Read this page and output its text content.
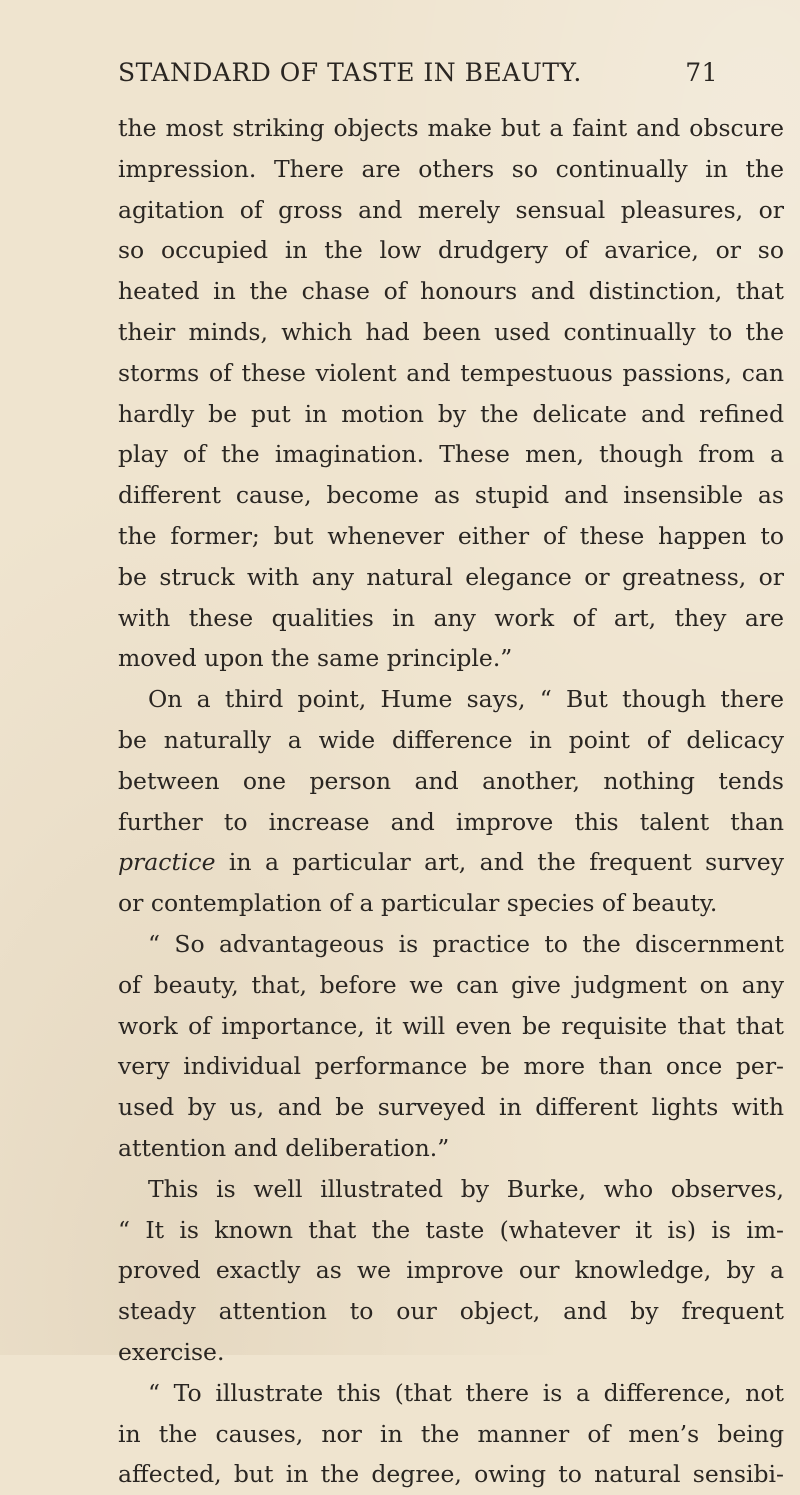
STANDARD OF TASTE IN BEAUTY.	71
the most striking objects make but a faint and obscure
impression. There are others so continually in the
agitation of gross and merely sensual pleasures, or
so occupied in the low drudgery of avarice, or so
heated in the chase of honours and distinction, that
their minds, which had been used continually to the
storms of these violent and tempestuous passions, can
hardly be put in motion by the delicate and refined
play of the imagination. These men, though from a
different cause, become as stupid and insensible as
the former; but whenever either of these happen to
be struck with any natural elegance or greatness, or
with these qualities in any work of art, they are
moved upon the same principle.”
On a third point, Hume says, “ But though there
be naturally a wide difference in point of delicacy
between one person and another, nothing tends
further to increase and improve this talent than
practice in a particular art, and the frequent survey
or contemplation of a particular species of beauty.
“ So advantageous is practice to the discernment
of beauty, that, before we can give judgment on any
work of importance, it will even be requisite that that
very individual performance be more than once per-
used by us, and be surveyed in different lights with
attention and deliberation.”
This is well illustrated by Burke, who observes,
“ It is known that the taste (whatever it is) is im-
proved exactly as we improve our knowledge, by a
steady attention to our object, and by frequent
exercise.
“ To illustrate this (that there is a difference, not
in the causes, nor in the manner of men’s being
affected, but in the degree, owing to natural sensibi-
